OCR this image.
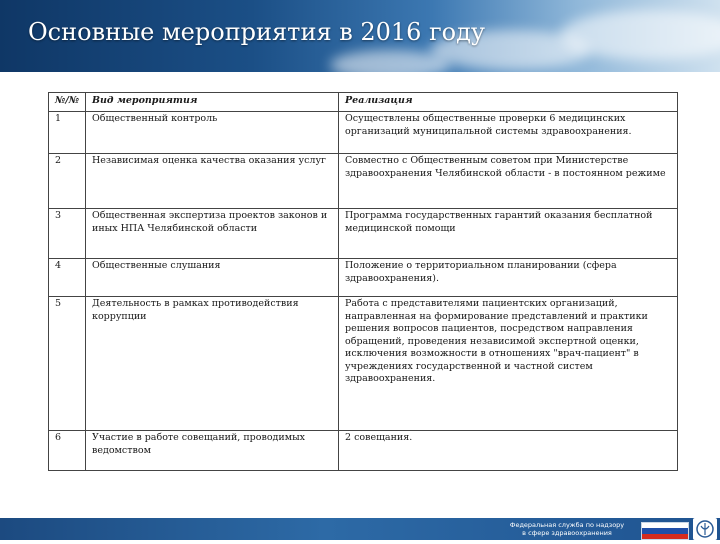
Основные мероприятия в 2016 году
№/№	Вид мероприятия	Реализация
1	Общественный контроль	Осуществлены общественные проверки 6 медицинских организаций муниципальной системы здравоохранения.
2	Независимая оценка качества оказания услуг	Совместно с Общественным советом при Министерстве здравоохранения Челябинской области - в постоянном режиме
3	Общественная экспертиза проектов законов и иных НПА Челябинской области	Программа государственных гарантий оказания бесплатной медицинской помощи
4	Общественные слушания	Положение о территориальном планировании (сфера здравоохранения).
5	Деятельность в рамках противодействия коррупции	Работа с представителями пациентских организаций, направленная на формирование представлений и практики решения вопросов пациентов, посредством направления обращений, проведения независимой экспертной оценки, исключения возможности в отношениях "врач-пациент" в учреждениях государственной и частной систем здравоохранения.
6	Участие в работе совещаний, проводимых ведомством	2 совещания.
Федеральная служба по надзору
в сфере здравоохранения
